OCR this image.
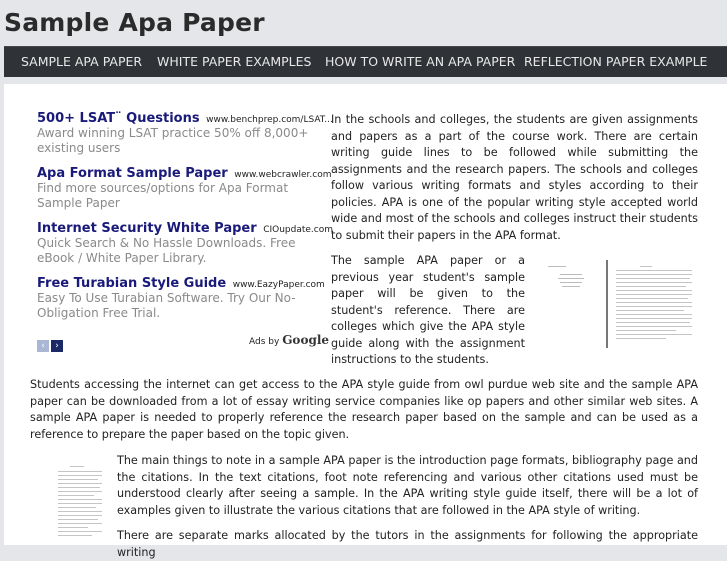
Sample Apa Paper
SAMPLE APA PAPER WHITE PAPER EXAMPLES HOW TO WRITE AN APA PAPER REFLECTION PAPER EXAMPLE
500+ LSAT¨ Questions www.benchprep.com/LSAT...
Award winning LSAT practice 50% off 8,000+ existing users
Apa Format Sample Paper www.webcrawler.com
Find more sources/options for Apa Format Sample Paper
Internet Security White Paper CIOupdate.com
Quick Search & No Hassle Downloads. Free eBook / White Paper Library.
Free Turabian Style Guide www.EazyPaper.com
Easy To Use Turabian Software. Try Our No-Obligation Free Trial.
‹ ›	Ads by Google
In the schools and colleges, the students are given assignments and papers as a part of the course work. There are certain writing guide lines to be followed while submitting the assignments and the research papers. The schools and colleges follow various writing formats and styles according to their policies. APA is one of the popular writing style accepted world wide and most of the schools and colleges instruct their students to submit their papers in the APA format.
The sample APA paper or a previous year student's sample paper will be given to the student's reference. There are colleges which give the APA style guide along with the assignment instructions to the students.
Students accessing the internet can get access to the APA style guide from owl purdue web site and the sample APA paper can be downloaded from a lot of essay writing service companies like op papers and other similar web sites. A sample APA paper is needed to properly reference the research paper based on the sample and can be used as a reference to prepare the paper based on the topic given.
The main things to note in a sample APA paper is the introduction page formats, bibliography page and the citations. In the text citations, foot note referencing and various other citations used must be understood clearly after seeing a sample. In the APA writing style guide itself, there will be a lot of examples given to illustrate the various citations that are followed in the APA style of writing.
There are separate marks allocated by the tutors in the assignments for following the appropriate writing
